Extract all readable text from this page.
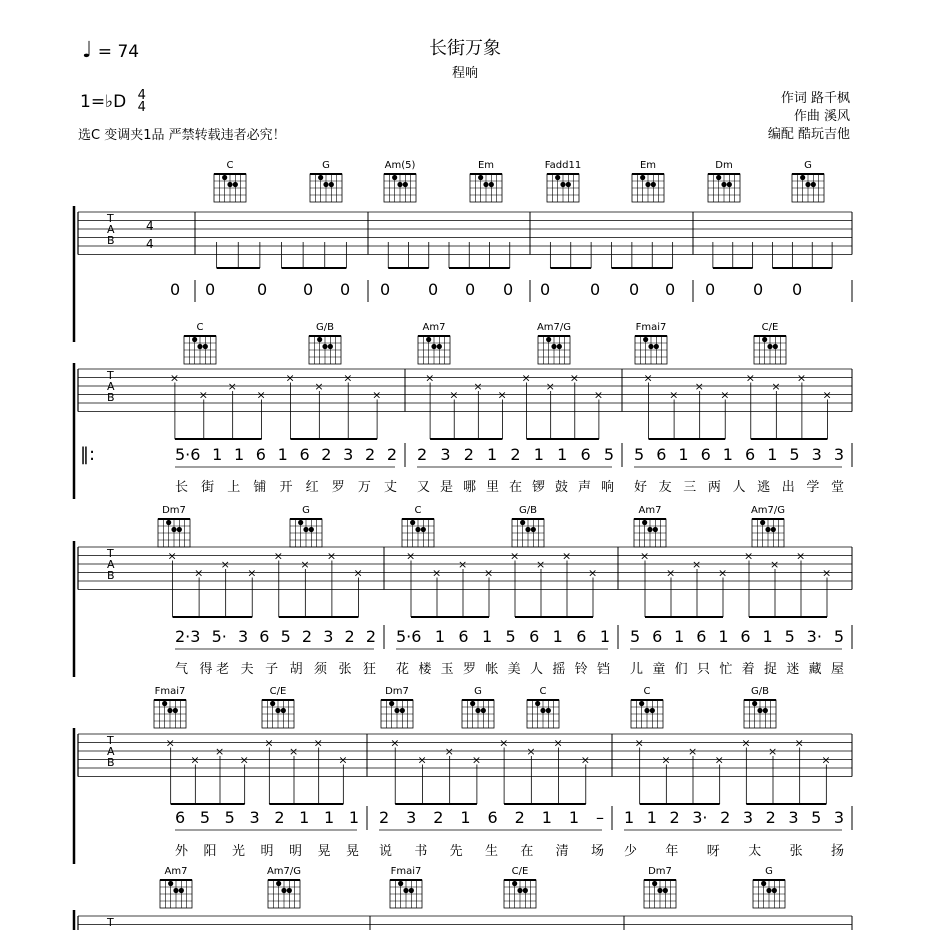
♩ = 74	长街万象
程响
1=♭D 4
4
选C 变调夹1品 严禁转载违者必究！
作词 路千枫
作曲 溪风
编配 酷玩吉他
C	G	Am(5)	Em	Fadd11	Em	Dm	G
C	G/B	Am7	Am7/G	Fmai7	C/E
Dm7	G	C	G/B	Am7	Am7/G
Fmai7	C/E	Dm7	G	C	C	G/B
Am7	Am7/G	Fmai7	C/E	Dm7	G
0 0	0 0 0 0 0 0 0 0 0 0 0 0 0 0
5·6 1 1 6 1 6 2 3 2 2
长 街 上 铺 开 红 罗 万 丈
2 3 2 1 2 1 1 6 5
又 是 哪 里 在 锣 鼓 声 响
5 6 1 6 1 6 1 5 3 3
好 友 三 两 人 逃 出 学 堂
2·3 5· 3 6 5 2 3 2 2
气 得老 夫 子 胡 须 张 狂
5·6 1 6 1 5 6 1 6 1
花 楼 玉 罗 帐 美 人 摇 铃 铛
5 6 1 6 1 6 1 5 3· 5
儿 童 们 只 忙 着 捉 迷 藏 屋
6 5 5 3 2 1 1 1
外 阳 光 明 明 晃 晃
2 3 2 1 6 2 1 1 –
说 书 先 生 在 清 场
1 1 2 3· 2 3 2 3 5 3
少 年 呀 太 张 扬
T
A
B
4
4
T
A
B
×
×
×
×
×
×
×
×
×
×
×
×
×
×
×
×
×
×
×
×
×
×
×
×
‖:
T
A
B
×
×
×
×
×
×
×
×
×
×
×
×
×
×
×
×
×
×
×
×
×
×
×
×
T
A
B
×
×
×
×
×
×
×
×
×
×
×
×
×
×
×
×
×
×
×
×
×
×
×
×
T
